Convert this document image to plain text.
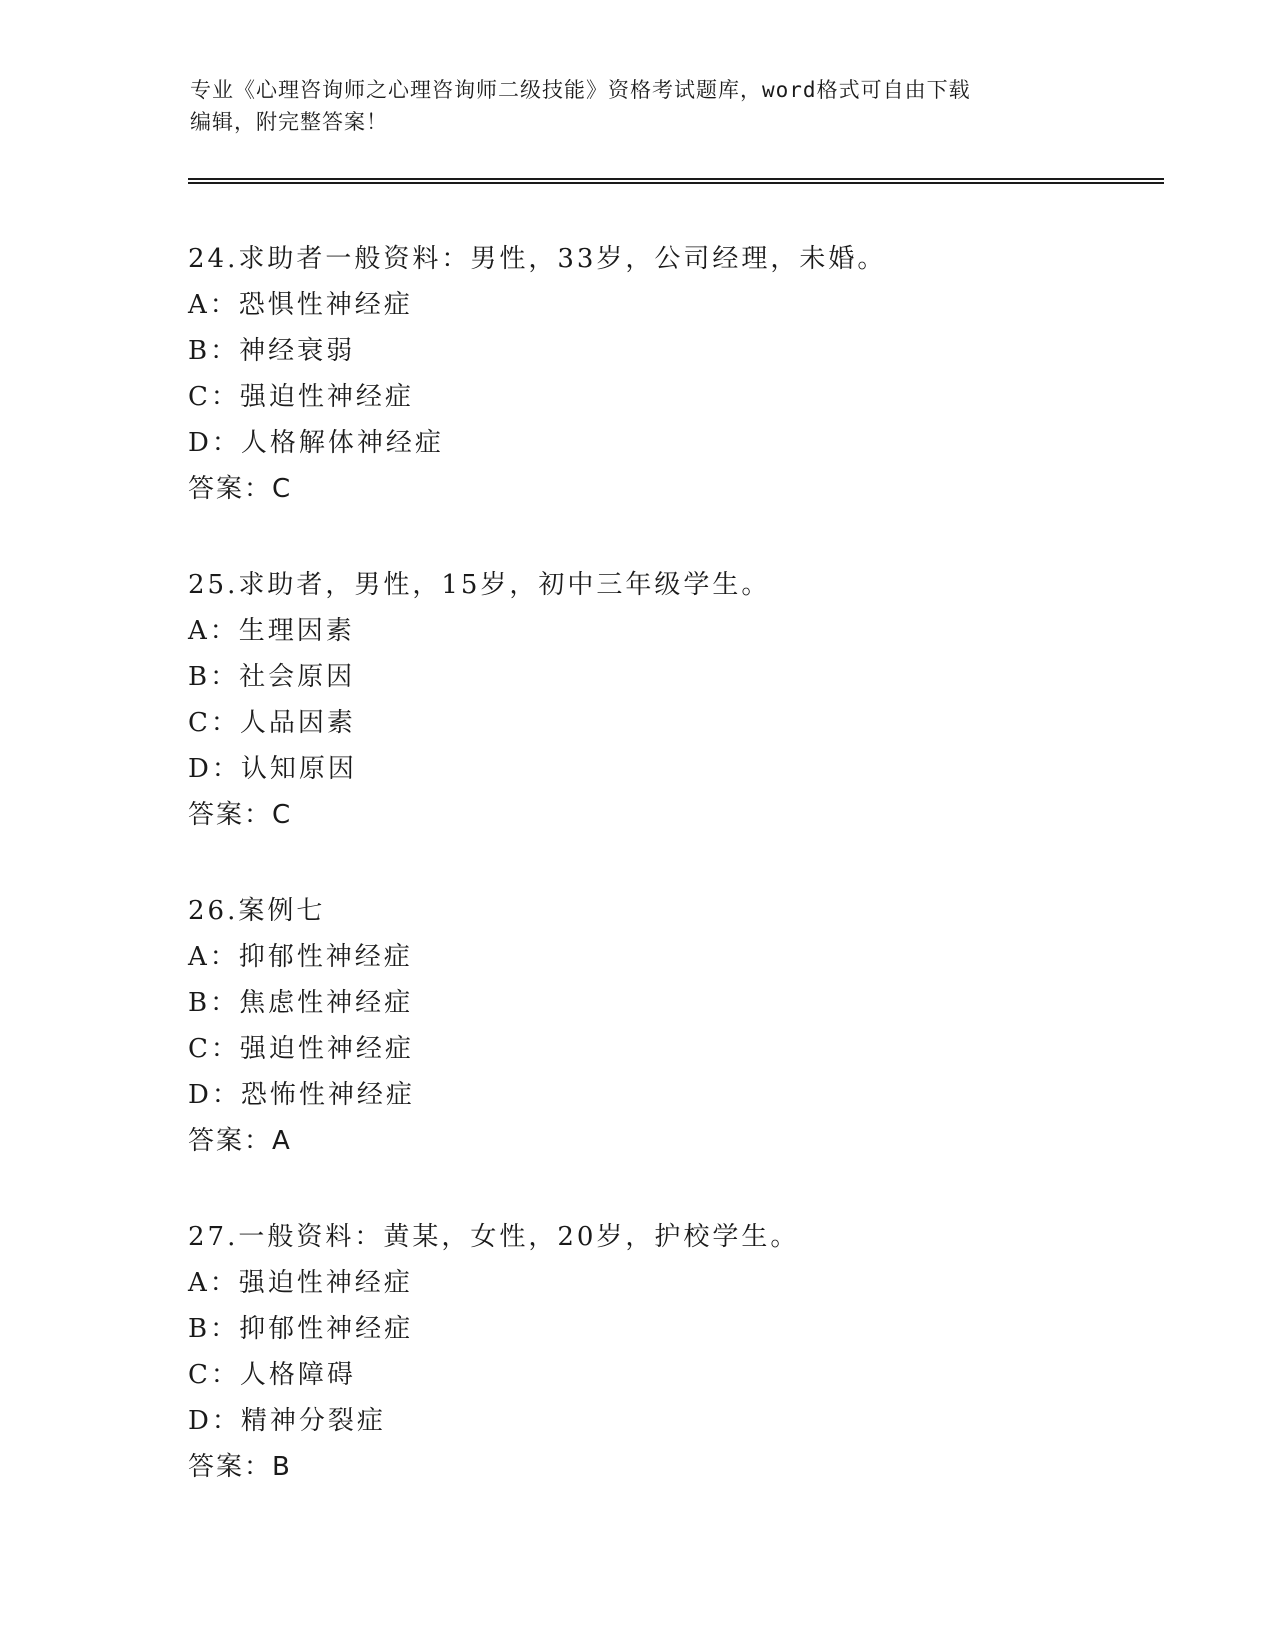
专业《心理咨询师之心理咨询师二级技能》资格考试题库，word格式可自由下载
编辑，附完整答案！
24.求助者一般资料：男性，33岁，公司经理，未婚。
A：恐惧性神经症
B：神经衰弱
C：强迫性神经症
D：人格解体神经症
答案：C
25.求助者，男性，15岁，初中三年级学生。
A：生理因素
B：社会原因
C：人品因素
D：认知原因
答案：C
26.案例七
A：抑郁性神经症
B：焦虑性神经症
C：强迫性神经症
D：恐怖性神经症
答案：A
27.一般资料：黄某，女性，20岁，护校学生。
A：强迫性神经症
B：抑郁性神经症
C：人格障碍
D：精神分裂症
答案：B
